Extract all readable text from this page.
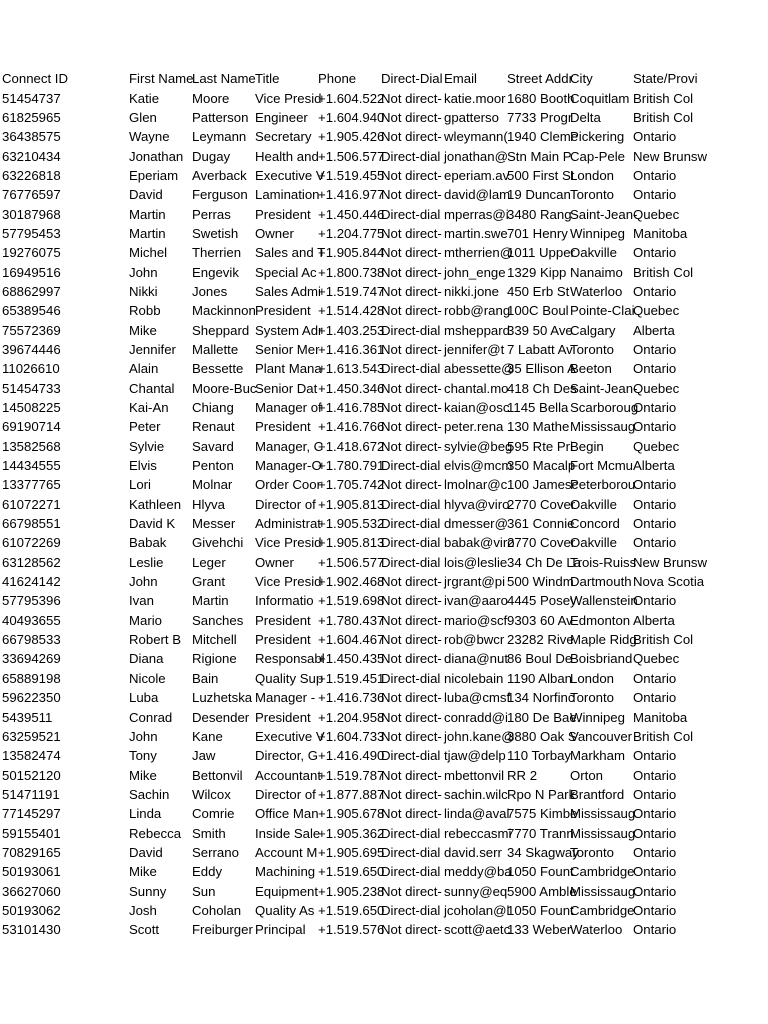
Connect ID	First Name	Last Name	Title	Phone	Direct-Dial	Email	Street Addr	City	State/Provi
51454737	Katie	Moore	Vice Presid	+1.604.522	Not direct-	katie.moor	1680 Booth	Coquitlam	British Col
61825965	Glen	Patterson	Engineer	+1.604.940	Not direct-	gpatterso	7733 Progr	Delta	British Col
36438575	Wayne	Leymann	Secretary	+1.905.426	Not direct-	wleymann(	1940 Cleme	Pickering	Ontario
63210434	Jonathan	Dugay	Health and	+1.506.577	Direct-dial	jonathan@	Stn Main P	Cap-Pele	New Brunsw
63226818	Eperiam	Averback	Executive V	+1.519.455	Not direct-	eperiam.av	500 First St	London	Ontario
76776597	David	Ferguson	Lamination	+1.416.977	Not direct-	david@lam	19 Duncan	Toronto	Ontario
30187968	Martin	Perras	President	+1.450.446	Direct-dial	mperras@i	3480 Rang	Saint-Jean-	Quebec
57795453	Martin	Swetish	Owner	+1.204.775	Not direct-	martin.swe	701 Henry	Winnipeg	Manitoba
19276075	Michel	Therrien	Sales and T	+1.905.844	Not direct-	mtherrien@	1011 Upper	Oakville	Ontario
16949516	John	Engevik	Special Ac	+1.800.738	Not direct-	john_enge	1329 Kipp	Nanaimo	British Col
68862997	Nikki	Jones	Sales Admi	+1.519.747	Not direct-	nikki.jone	450 Erb St	Waterloo	Ontario
65389546	Robb	Mackinnon	President	+1.514.428	Not direct-	robb@rang	100C Boul	Pointe-Clai	Quebec
75572369	Mike	Sheppard	System Adr	+1.403.253	Direct-dial	msheppard	339 50 Ave	Calgary	Alberta
39674446	Jennifer	Mallette	Senior Mer	+1.416.361	Not direct-	jennifer@t	7 Labatt Av	Toronto	Ontario
11026610	Alain	Bessette	Plant Mana	+1.613.543	Direct-dial	abessette@	35 Ellison A	Beeton	Ontario
51454733	Chantal	Moore-Buc	Senior Dat	+1.450.346	Not direct-	chantal.mo	418 Ch Des	Saint-Jean-	Quebec
14508225	Kai-An	Chiang	Manager of	+1.416.785	Not direct-	kaian@osc	1145 Bella	Scarboroug	Ontario
69190714	Peter	Renaut	President	+1.416.766	Not direct-	peter.rena	130 Mathe	Mississaug	Ontario
13582568	Sylvie	Savard	Manager, C	+1.418.672	Not direct-	sylvie@beg	595 Rte Pri	Begin	Quebec
14434555	Elvis	Penton	Manager-O	+1.780.791	Direct-dial	elvis@mcm	350 Macalp	Fort Mcmu	Alberta
13377765	Lori	Molnar	Order Coor	+1.705.742	Not direct-	lmolnar@c	100 Jamesc	Peterborou	Ontario
61072271	Kathleen	Hlyva	Director of	+1.905.813	Direct-dial	hlyva@viro	2770 Cover	Oakville	Ontario
66798551	David K	Messer	Administrat	+1.905.532	Direct-dial	dmesser@	361 Connie	Concord	Ontario
61072269	Babak	Givehchi	Vice Presid	+1.905.813	Direct-dial	babak@viro	2770 Cover	Oakville	Ontario
63128562	Leslie	Leger	Owner	+1.506.577	Direct-dial	lois@leslie	34 Ch De La	Trois-Ruiss	New Brunsw
41624142	John	Grant	Vice Presid	+1.902.468	Not direct-	jrgrant@pi	500 Windm	Dartmouth	Nova Scotia
57795396	Ivan	Martin	Informatio	+1.519.698	Not direct-	ivan@aaro	4445 Posey	Wallenstein	Ontario
40493655	Mario	Sanches	President	+1.780.437	Not direct-	mario@scf	9303 60 Av	Edmonton	Alberta
66798533	Robert B	Mitchell	President	+1.604.467	Not direct-	rob@bwcr	23282 Rive	Maple Ridg	British Col
33694269	Diana	Rigione	Responsabl	+1.450.435	Not direct-	diana@nut	86 Boul De	Boisbriand	Quebec
65889198	Nicole	Bain	Quality Sup	+1.519.451	Direct-dial	nicolebain	1190 Alban	London	Ontario
59622350	Luba	Luzhetska	Manager -	+1.416.736	Not direct-	luba@cmsf	134 Norfinc	Toronto	Ontario
5439511	Conrad	Desender	President	+1.204.958	Not direct-	conradd@i	180 De Bae	Winnipeg	Manitoba
63259521	John	Kane	Executive V	+1.604.733	Not direct-	john.kane@	3880 Oak S	Vancouver	British Col
13582474	Tony	Jaw	Director, G	+1.416.490	Direct-dial	tjaw@delp	110 Torbay	Markham	Ontario
50152120	Mike	Bettonvil	Accountant	+1.519.787	Not direct-	mbettonvil	RR 2	Orton	Ontario
51471191	Sachin	Wilcox	Director of	+1.877.887	Not direct-	sachin.wilc	Rpo N Park	Brantford	Ontario
77145297	Linda	Comrie	Office Man	+1.905.678	Not direct-	linda@aval	7575 Kimbe	Mississaug	Ontario
59155401	Rebecca	Smith	Inside Sale	+1.905.362	Direct-dial	rebeccasmi	7770 Trann	Mississaug	Ontario
70829165	David	Serrano	Account M	+1.905.695	Direct-dial	david.serr	34 Skagway	Toronto	Ontario
50193061	Mike	Eddy	Machining	+1.519.650	Direct-dial	meddy@ba	1050 Fount	Cambridge	Ontario
36627060	Sunny	Sun	Equipment	+1.905.238	Not direct-	sunny@eq	5900 Amble	Mississaug	Ontario
50193062	Josh	Coholan	Quality As	+1.519.650	Direct-dial	jcoholan@l	1050 Fount	Cambridge	Ontario
53101430	Scott	Freiburger	Principal	+1.519.576	Not direct-	scott@aetc	133 Weber	Waterloo	Ontario
